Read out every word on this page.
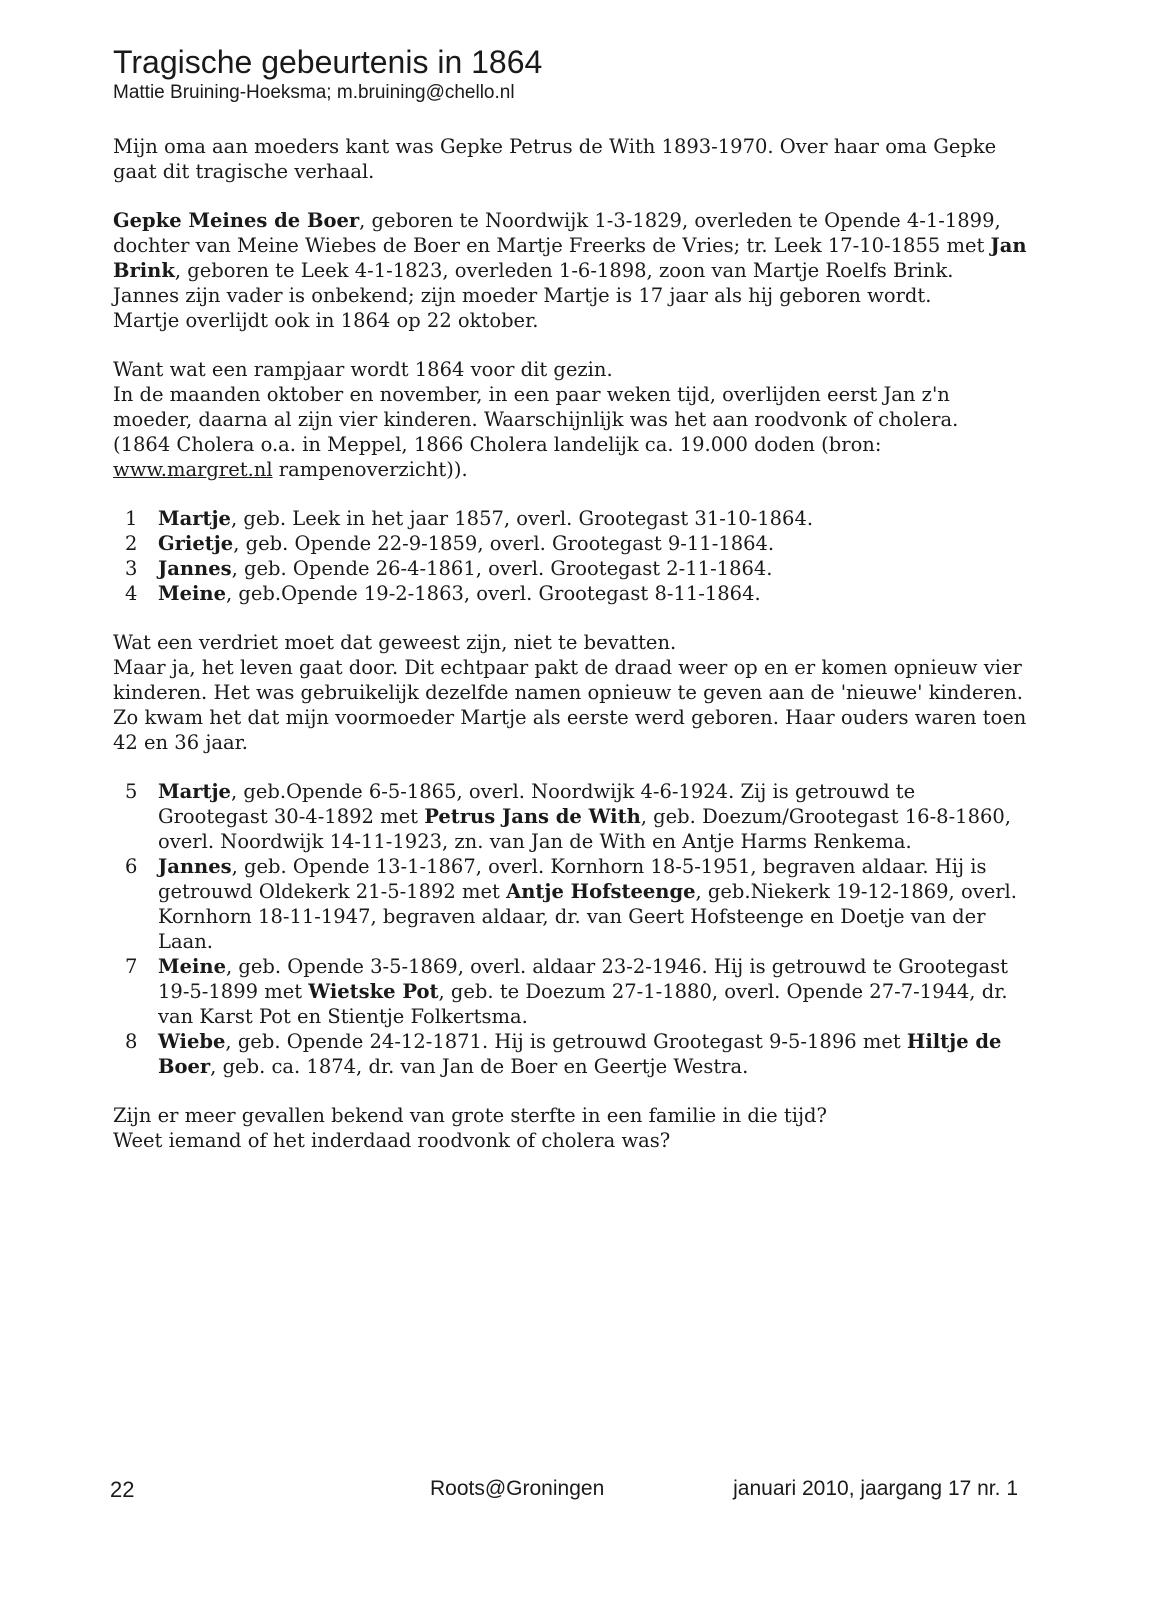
Tragische gebeurtenis in 1864

Mattie Bruining-Hoeksma; m.bruining@chello.nl

Mijn oma aan moeders kant was Gepke Petrus de With 1893-1970. Over haar oma Gepke gaat dit tragische verhaal.

Gepke Meines de Boer, geboren te Noordwijk 1-3-1829, overleden te Opende 4-1-1899, dochter van Meine Wiebes de Boer en Martje Freerks de Vries; tr. Leek 17-10-1855 met Jan Brink, geboren te Leek 4-1-1823, overleden 1-6-1898, zoon van Martje Roelfs Brink.

Jannes zijn vader is onbekend; zijn moeder Martje is 17 jaar als hij geboren wordt.

Martje overlijdt ook in 1864 op 22 oktober.

Want wat een rampjaar wordt 1864 voor dit gezin.

In de maanden oktober en november, in een paar weken tijd, overlijden eerst Jan z'n moeder, daarna al zijn vier kinderen. Waarschijnlijk was het aan roodvonk of cholera.

(1864 Cholera o.a. in Meppel, 1866 Cholera landelijk ca. 19.000 doden (bron: www.margret.nl rampenoverzicht)).

1 Martje, geb. Leek in het jaar 1857, overl. Grootegast 31-10-1864.
2 Grietje, geb. Opende 22-9-1859, overl. Grootegast 9-11-1864.
3 Jannes, geb. Opende 26-4-1861, overl. Grootegast 2-11-1864.
4 Meine, geb.Opende 19-2-1863, overl. Grootegast 8-11-1864.

Wat een verdriet moet dat geweest zijn, niet te bevatten.

Maar ja, het leven gaat door. Dit echtpaar pakt de draad weer op en er komen opnieuw vier kinderen. Het was gebruikelijk dezelfde namen opnieuw te geven aan de 'nieuwe' kinderen. Zo kwam het dat mijn voormoeder Martje als eerste werd geboren. Haar ouders waren toen 42 en 36 jaar.

5 Martje, geb.Opende 6-5-1865, overl. Noordwijk 4-6-1924. Zij is getrouwd te Grootegast 30-4-1892 met Petrus Jans de With, geb. Doezum/Grootegast 16-8-1860, overl. Noordwijk 14-11-1923, zn. van Jan de With en Antje Harms Renkema.
6 Jannes, geb. Opende 13-1-1867, overl. Kornhorn 18-5-1951, begraven aldaar. Hij is getrouwd Oldekerk 21-5-1892 met Antje Hofsteenge, geb.Niekerk 19-12-1869, overl. Kornhorn 18-11-1947, begraven aldaar, dr. van Geert Hofsteenge en Doetje van der Laan.
7 Meine, geb. Opende 3-5-1869, overl. aldaar 23-2-1946. Hij is getrouwd te Grootegast 19-5-1899 met Wietske Pot, geb. te Doezum 27-1-1880, overl. Opende 27-7-1944, dr. van Karst Pot en Stientje Folkertsma.
8 Wiebe, geb. Opende 24-12-1871. Hij is getrouwd Grootegast 9-5-1896 met Hiltje de Boer, geb. ca. 1874, dr. van Jan de Boer en Geertje Westra.

Zijn er meer gevallen bekend van grote sterfte in een familie in die tijd?

Weet iemand of het inderdaad roodvonk of cholera was?

22	Roots@Groningen	januari 2010, jaargang 17 nr. 1
